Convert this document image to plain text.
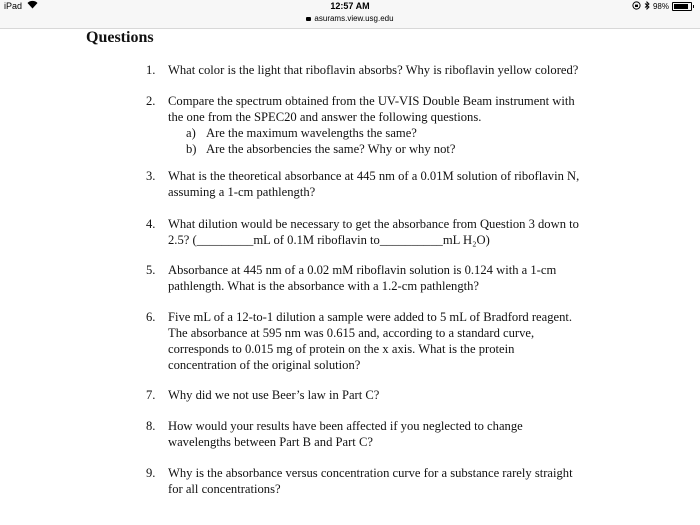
iPad	12:57 AM
asurams.view.usg.edu
98%
Questions
1. What color is the light that riboflavin absorbs? Why is riboflavin yellow colored?
2. Compare the spectrum obtained from the UV-VIS Double Beam instrument with
the one from the SPEC20 and answer the following questions.
a) Are the maximum wavelengths the same?
b) Are the absorbencies the same? Why or why not?
3. What is the theoretical absorbance at 445 nm of a 0.01M solution of riboflavin N,
assuming a 1-cm pathlength?
4. What dilution would be necessary to get the absorbance from Question 3 down to
2.5? (_________mL of 0.1M riboflavin to__________mL H₂O)
5. Absorbance at 445 nm of a 0.02 mM riboflavin solution is 0.124 with a 1-cm
pathlength. What is the absorbance with a 1.2-cm pathlength?
6. Five mL of a 12-to-1 dilution a sample were added to 5 mL of Bradford reagent.
The absorbance at 595 nm was 0.615 and, according to a standard curve,
corresponds to 0.015 mg of protein on the x axis. What is the protein
concentration of the original solution?
7. Why did we not use Beer’s law in Part C?
8. How would your results have been affected if you neglected to change
wavelengths between Part B and Part C?
9. Why is the absorbance versus concentration curve for a substance rarely straight
for all concentrations?
